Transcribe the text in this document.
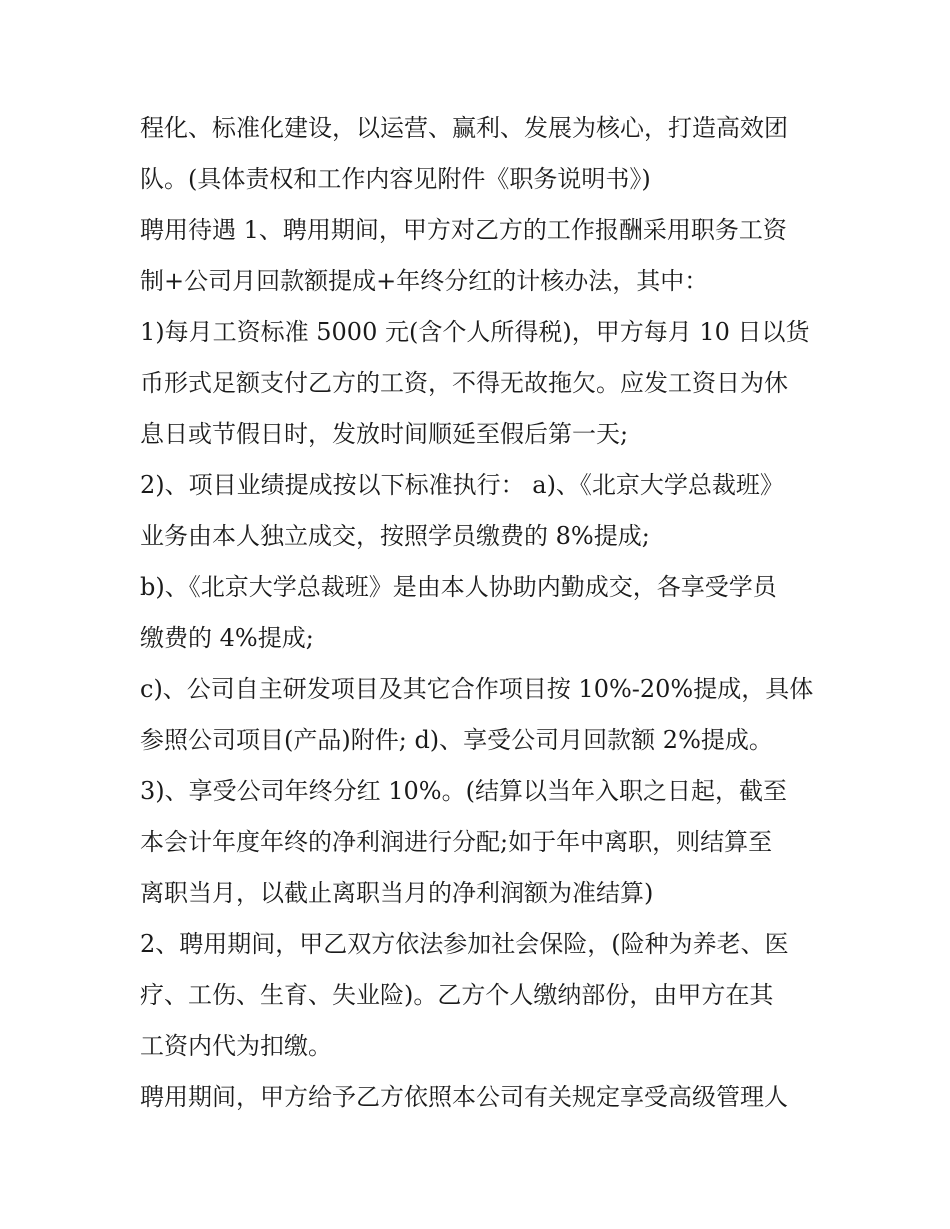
程化、标准化建设，以运营、赢利、发展为核心，打造高效团
队。(具体责权和工作内容见附件《职务说明书》)
聘用待遇 1、聘用期间，甲方对乙方的工作报酬采用职务工资
制+公司月回款额提成+年终分红的计核办法，其中：
1)每月工资标准 5000 元(含个人所得税)，甲方每月 10 日以货
币形式足额支付乙方的工资，不得无故拖欠。应发工资日为休
息日或节假日时，发放时间顺延至假后第一天;
2)、项目业绩提成按以下标准执行： a)、《北京大学总裁班》
业务由本人独立成交，按照学员缴费的 8%提成;
b)、《北京大学总裁班》是由本人协助内勤成交，各享受学员
缴费的 4%提成;
c)、公司自主研发项目及其它合作项目按 10%-20%提成，具体
参照公司项目(产品)附件; d)、享受公司月回款额 2%提成。
3)、享受公司年终分红 10%。(结算以当年入职之日起，截至
本会计年度年终的净利润进行分配;如于年中离职，则结算至
离职当月，以截止离职当月的净利润额为准结算)
2、聘用期间，甲乙双方依法参加社会保险，(险种为养老、医
疗、工伤、生育、失业险)。乙方个人缴纳部份，由甲方在其
工资内代为扣缴。
聘用期间，甲方给予乙方依照本公司有关规定享受高级管理人
